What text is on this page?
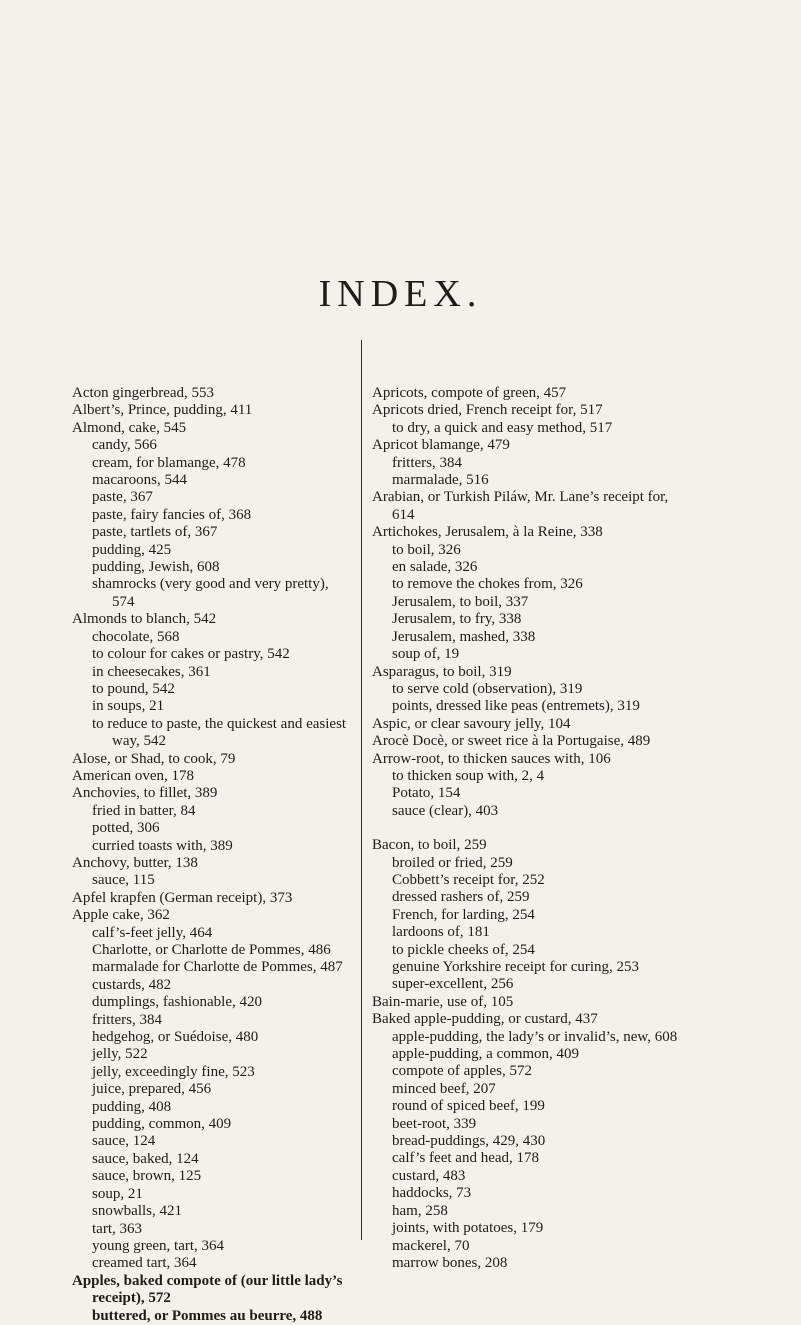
INDEX.

Acton gingerbread, 553

Albert’s, Prince, pudding, 411

Almond, cake, 545

candy, 566

cream, for blamange, 478

macaroons, 544

paste, 367

paste, fairy fancies of, 368

paste, tartlets of, 367

pudding, 425

pudding, Jewish, 608

shamrocks (very good and very pretty), 574

Almonds to blanch, 542

chocolate, 568

to colour for cakes or pastry, 542

in cheesecakes, 361

to pound, 542

in soups, 21

to reduce to paste, the quickest and easiest way, 542

Alose, or Shad, to cook, 79

American oven, 178

Anchovies, to fillet, 389

fried in batter, 84

potted, 306

curried toasts with, 389

Anchovy, butter, 138

sauce, 115

Apfel krapfen (German receipt), 373

Apple cake, 362

calf’s-feet jelly, 464

Charlotte, or Charlotte de Pommes, 486

marmalade for Charlotte de Pommes, 487

custards, 482

dumplings, fashionable, 420

fritters, 384

hedgehog, or Suédoise, 480

jelly, 522

jelly, exceedingly fine, 523

juice, prepared, 456

pudding, 408

pudding, common, 409

sauce, 124

sauce, baked, 124

sauce, brown, 125

soup, 21

snowballs, 421

tart, 363

young green, tart, 364

creamed tart, 364

Apples, baked compote of (our little lady’s receipt), 572

buttered, or Pommes au beurre, 488

Apricots, compote of green, 457

Apricots dried, French receipt for, 517

to dry, a quick and easy method, 517

Apricot blamange, 479

fritters, 384

marmalade, 516

Arabian, or Turkish Piláw, Mr. Lane’s receipt for, 614

Artichokes, Jerusalem, à la Reine, 338

to boil, 326

en salade, 326

to remove the chokes from, 326

Jerusalem, to boil, 337

Jerusalem, to fry, 338

Jerusalem, mashed, 338

soup of, 19

Asparagus, to boil, 319

to serve cold (observation), 319

points, dressed like peas (entremets), 319

Aspic, or clear savoury jelly, 104

Arocè Docè, or sweet rice à la Portugaise, 489

Arrow-root, to thicken sauces with, 106

to thicken soup with, 2, 4

Potato, 154

sauce (clear), 403

Bacon, to boil, 259

broiled or fried, 259

Cobbett’s receipt for, 252

dressed rashers of, 259

French, for larding, 254

lardoons of, 181

to pickle cheeks of, 254

genuine Yorkshire receipt for curing, 253

super-excellent, 256

Bain-marie, use of, 105

Baked apple-pudding, or custard, 437

apple-pudding, the lady’s or invalid’s, new, 608

apple-pudding, a common, 409

compote of apples, 572

minced beef, 207

round of spiced beef, 199

beet-root, 339

bread-puddings, 429, 430

calf’s feet and head, 178

custard, 483

haddocks, 73

ham, 258

joints, with potatoes, 179

mackerel, 70

marrow bones, 208
